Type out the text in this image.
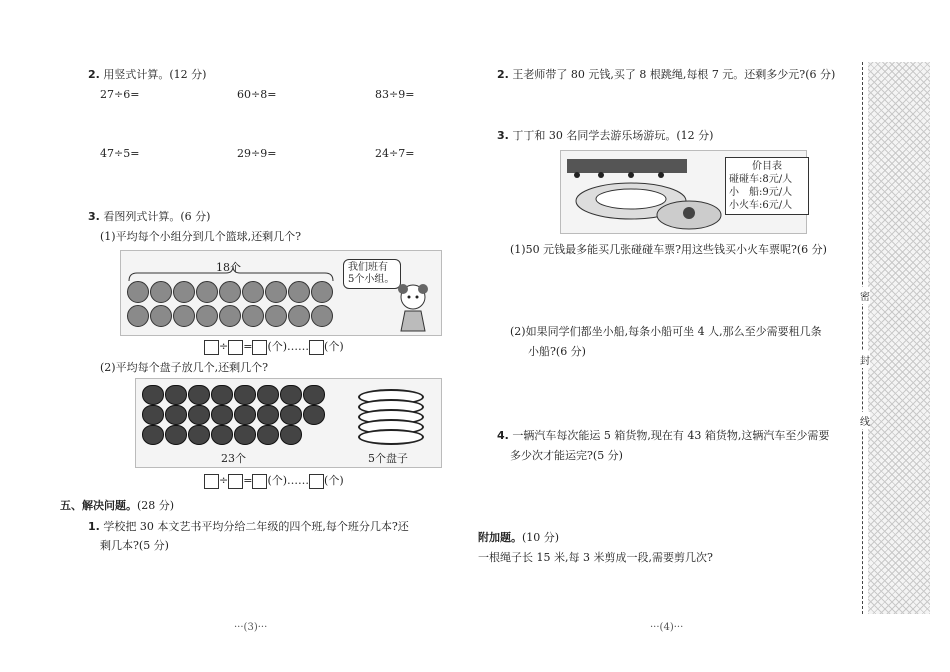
2. 用竖式计算。(12 分)
27÷6=	60÷8=	83÷9=
47÷5=	29÷9=	24÷7=
3. 看图列式计算。(6 分)
(1)平均每个小组分到几个篮球,还剩几个?
18个	我们班有
5个小组。
÷ = (个)…… (个)
(2)平均每个盘子放几个,还剩几个?
23个	5个盘子
÷ = (个)…… (个)
五、解决问题。(28 分)
1. 学校把 30 本文艺书平均分给二年级的四个班,每个班分几本?还
剩几本?(5 分)
···(3)···
2. 王老师带了 80 元钱,买了 8 根跳绳,每根 7 元。还剩多少元?(6 分)
3. 丁丁和 30 名同学去游乐场游玩。(12 分)
价目表
碰碰车:8元/人
小　船:9元/人
小火车:6元/人
(1)50 元钱最多能买几张碰碰车票?用这些钱买小火车票呢?(6 分)
(2)如果同学们都坐小船,每条小船可坐 4 人,那么至少需要租几条
小船?(6 分)
4. 一辆汽车每次能运 5 箱货物,现在有 43 箱货物,这辆汽车至少需要
多少次才能运完?(5 分)
附加题。(10 分)
一根绳子长 15 米,每 3 米剪成一段,需要剪几次?
···(4)···
密
封
线
